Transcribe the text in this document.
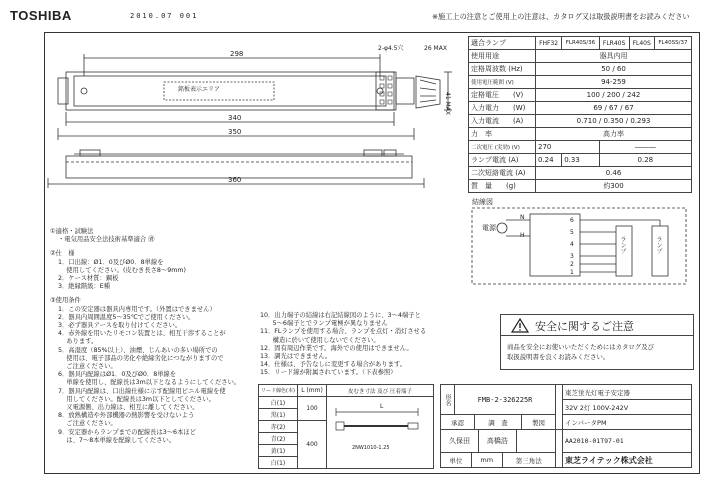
TOSHIBA	2010.07 001	※施工上の注意とご使用上の注意は、カタログ又は取扱説明書をお読みください
298
2-φ4.5穴	26 MAX
41 MAX
銘板表示エリア
340
350
360
適合ランプ	FHF32	FLR40S/36	FLR40S	FL40S	FL40SS/37
使用用途	器具内用				
定格周波数 (Hz)	50 / 60				
使用電圧範囲 (V)	94-259				
定格電圧　　(V)	100 / 200 / 242				
入力電力　　(W)	69 / 67 / 67				
入力電流　　(A)	0.710 / 0.350 / 0.293				
力　率	高力率				
二次電圧 (実効) (V)	270		―――		
ランプ電流 (A)	0.24	0.33	0.28		
二次短絡電流 (A)	0.46				
質　量　　(g)	約300				
結線図
電源
N
H
6
5
4
3
2
1
ランプ	ランプ
安全に関するご注意
商品を安全にお使いいただくためにはカタログ及び
取扱説明書を良くお読みください。
①適格・試験法
・電気用品安全法技術基準適合 ㊮
②仕　様
1．口出線：Ø1．0及びØ0．8単線を
　 使用してください。(皮むき長さ8～9mm)
2．ケース材質：鋼板
3．絶縁階級：E種
③使用条件
1．この安定器は器具内専用です。（外置はできません）
2．器具内周囲温度5～35℃でご使用ください。
3．必ず器具アースを取り付けてください。
4．赤外線を用いたリモコン装置とは、相互干渉することが
　 あります。
5．高湿度（85%以上）、油煙、じんあいの多い場所での
　 使用は、電子部品の劣化や絶縁劣化につながりますので
　 ご注意ください。
6．器具内配線はØ1．0及びØ0．8単線を
　 単線を使用し、配線長は3m以下となるようにしてください。
7．器具内配線は、口出線仕様に示す配線用ビニル電線を使
　 用してください。配線長は3m以下としてください。
　 又電源側、出力線は、相互に離してください。
8．放熱構造や外部機器の熱影響を受けないよう
　 ご注意ください。
9．安定器からランプまでの配線長は3～6本ほど
　 は、7～8本単線を配線してください。
10．出力端子の結線は右記結線図のように、3～4端子と
　　5～6端子とでランプ電極が異なりません
11．FLランプを使用する場合、ランプを点灯・消灯させる
　　構造に於いて使用しないでください。
12．固有周辺作業です。海外での使用はできません。
13．調光はできません。
14．仕様は、予告なしに変更する場合があります。
15．リード線が附属されています。（下表参照）
リード線色(本)	L (mm)	皮むき寸法 及び 圧着端子
白(1)	100	
黒(1)		
赤(2)	400	
青(2)		
黄(1)		
白(1)		
L
2NW1010-1.25
形名	FMB-2-326225R		東芝蛍光灯電子安定器
32V 2灯 100V-242V

承認	調　査	製図
		インバータPM

久保田	高橋浩	
			AA2010-01T97-01

単位	mm	第三角法
		東芝ライテック株式会社
